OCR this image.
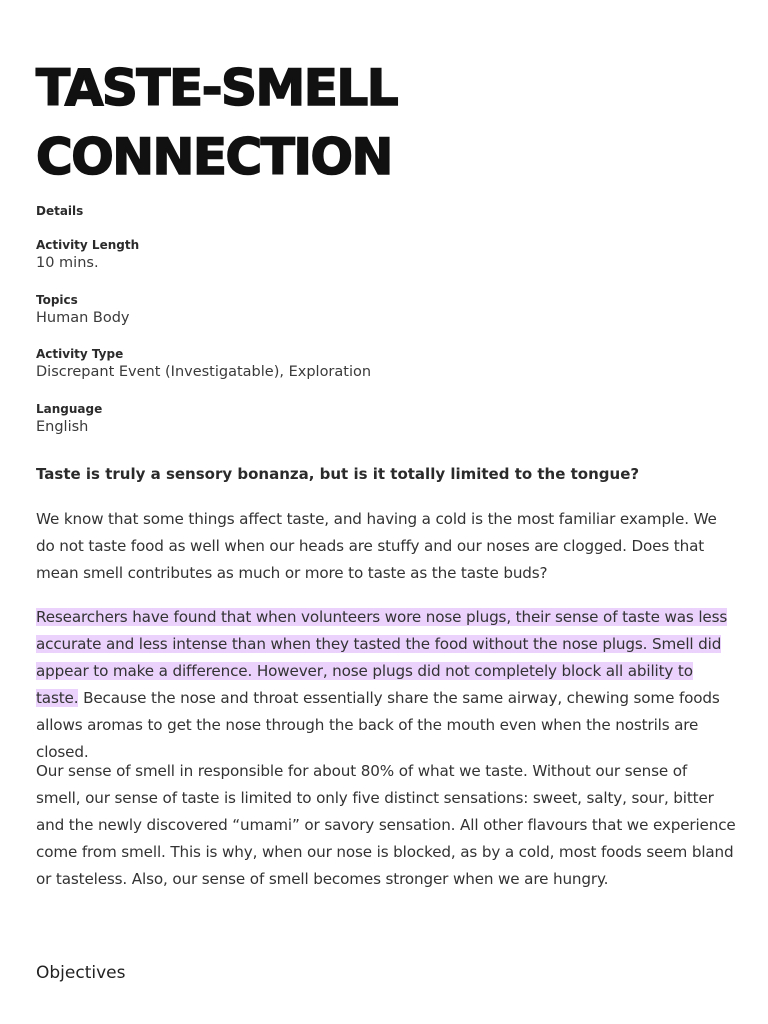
TASTE-SMELL
CONNECTION

Details

Activity Length
10 mins.
Topics
Human Body
Activity Type
Discrepant Event (Investigatable), Exploration
Language
English

Taste is truly a sensory bonanza, but is it totally limited to the tongue?

We know that some things affect taste, and having a cold is the most familiar example. We do not taste food as well when our heads are stuffy and our noses are clogged. Does that mean smell contributes as much or more to taste as the taste buds?

Researchers have found that when volunteers wore nose plugs, their sense of taste was less accurate and less intense than when they tasted the food without the nose plugs. Smell did appear to make a difference. However, nose plugs did not completely block all ability to taste. Because the nose and throat essentially share the same airway, chewing some foods allows aromas to get the nose through the back of the mouth even when the nostrils are closed.

Our sense of smell in responsible for about 80% of what we taste. Without our sense of smell, our sense of taste is limited to only five distinct sensations: sweet, salty, sour, bitter and the newly discovered “umami” or savory sensation. All other flavours that we experience come from smell. This is why, when our nose is blocked, as by a cold, most foods seem bland or tasteless. Also, our sense of smell becomes stronger when we are hungry.

Objectives
